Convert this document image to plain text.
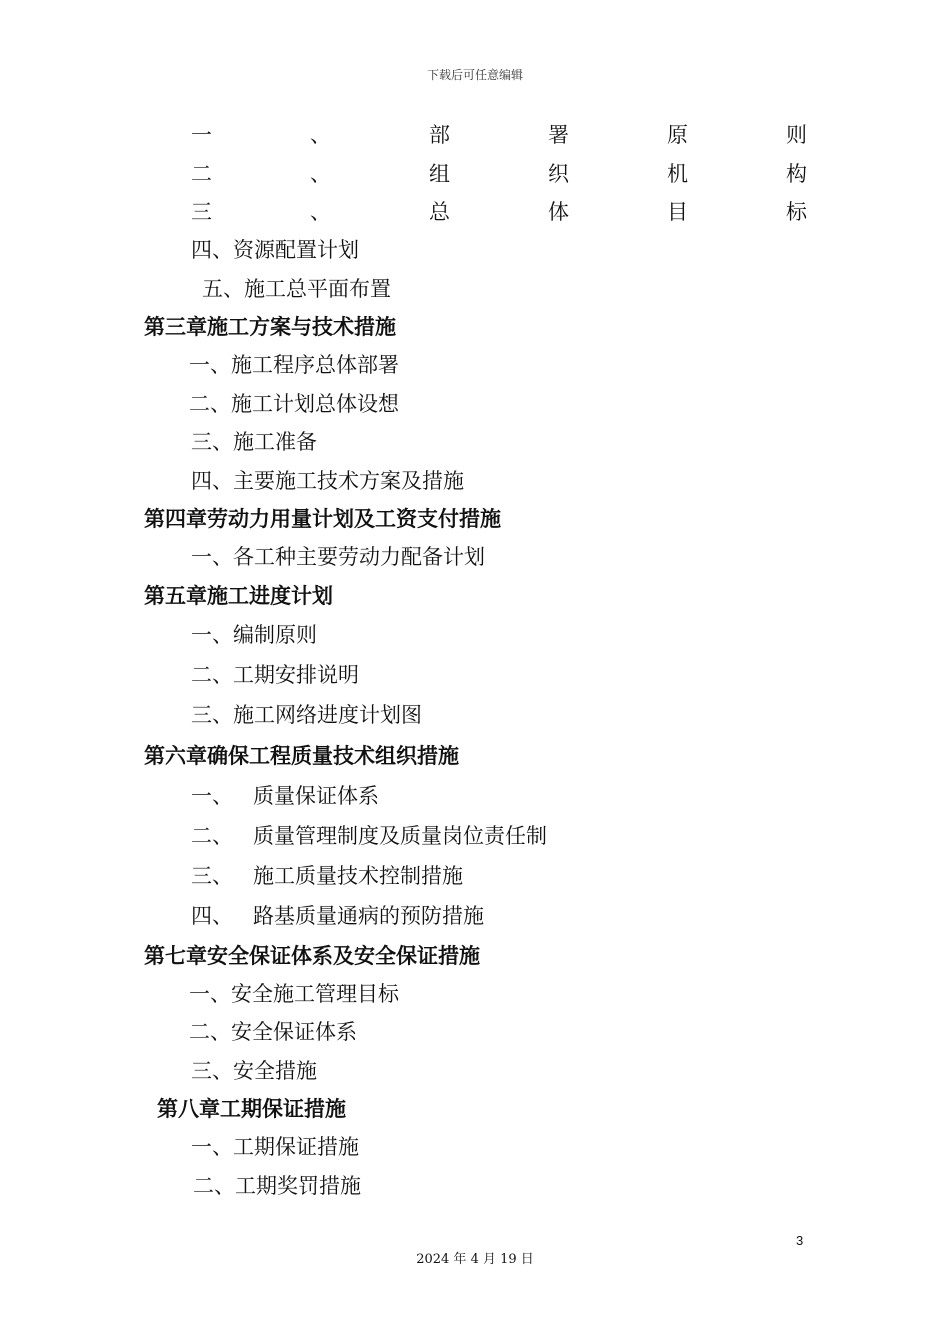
下载后可任意编辑
一	、	部	署	原	则
二	、	组	织	机	构
三	、	总	体	目	标
四、资源配置计划
五、施工总平面布置
第三章施工方案与技术措施
一、施工程序总体部署
二、施工计划总体设想
三、施工准备
四、主要施工技术方案及措施
第四章劳动力用量计划及工资支付措施
一、各工种主要劳动力配备计划
第五章施工进度计划
一、编制原则
二、工期安排说明
三、施工网络进度计划图
第六章确保工程质量技术组织措施
一、   质量保证体系
二、   质量管理制度及质量岗位责任制
三、   施工质量技术控制措施
四、   路基质量通病的预防措施
第七章安全保证体系及安全保证措施
一、安全施工管理目标
二、安全保证体系
三、安全措施
第八章工期保证措施
一、工期保证措施
二、工期奖罚措施
3
2024 年 4 月 19 日
